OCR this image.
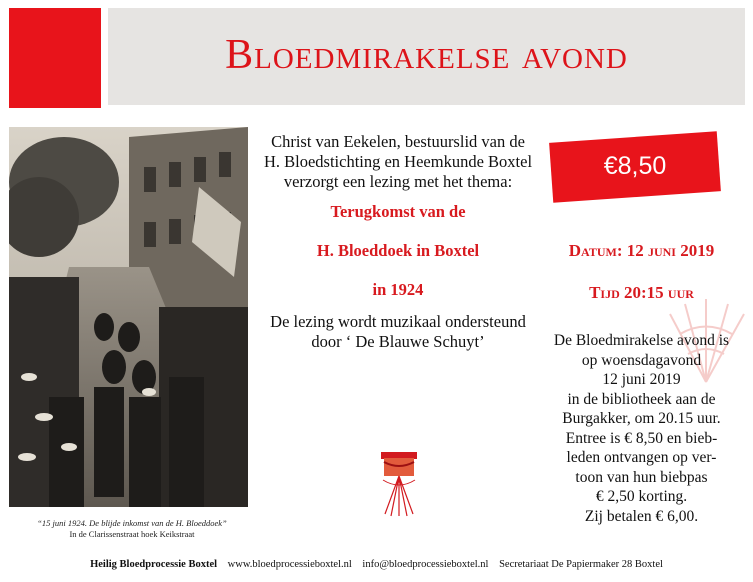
Bloedmirakelse avond
“15 juni 1924. De blijde inkomst van de H. Bloeddoek”
In de Clarissenstraat hoek Keikstraat
Christ van Eekelen, bestuurslid van de H. Bloedstichting en Heemkunde Boxtel verzorgt een lezing met het thema:
Terugkomst van de
H. Bloeddoek in Boxtel
in 1924
De lezing wordt muzikaal ondersteund door ‘ De Blauwe Schuyt’
€8,50
Datum: 12 juni 2019
Tijd 20:15 uur
De Bloedmirakelse avond is
op woensdagavond
12 juni 2019
in de bibliotheek aan de
Burgakker, om 20.15 uur.
Entree is € 8,50 en bieb-
leden ontvangen op ver-
toon van hun biebpas
€ 2,50 korting.
Zij betalen € 6,00.
Heilig Bloedprocessie Boxtel www.bloedprocessieboxtel.nl info@bloedprocessieboxtel.nl Secretariaat De Papiermaker 28 Boxtel
